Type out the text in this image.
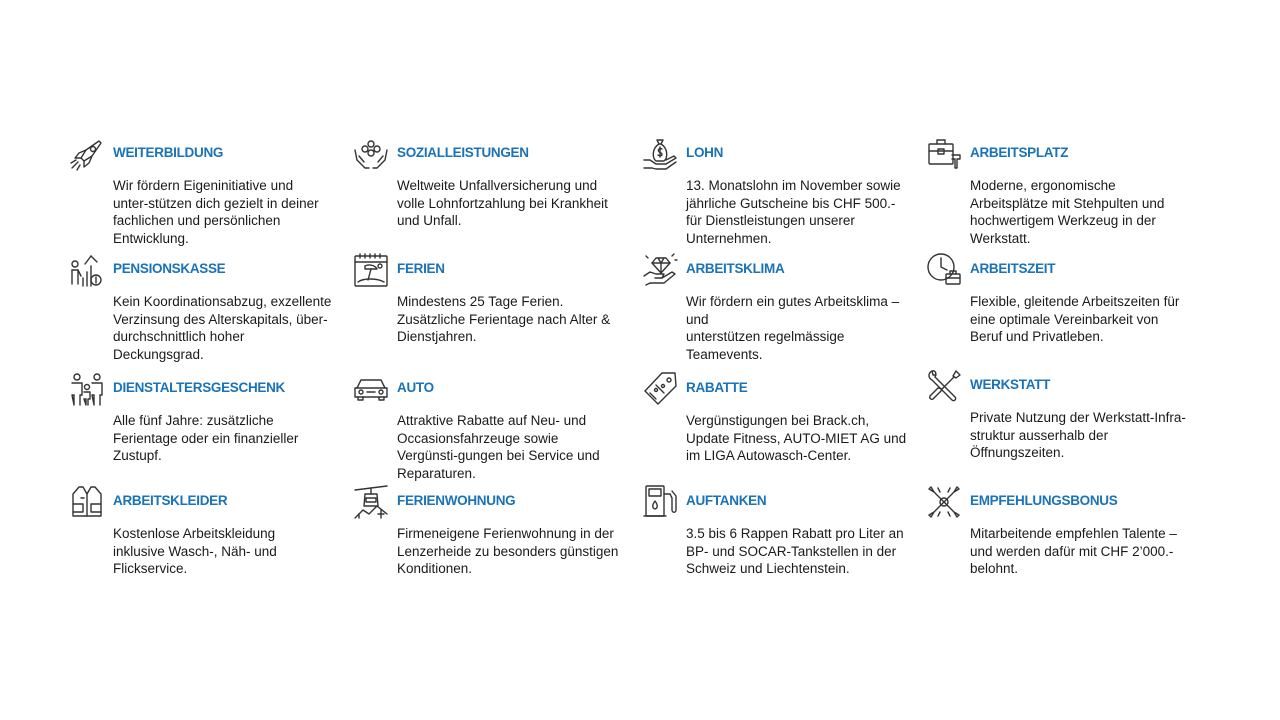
WEITERBILDUNG
Wir fördern Eigeninitiative und
unter-stützen dich gezielt in deiner
fachlichen und persönlichen
Entwicklung.
SOZIALLEISTUNGEN
Weltweite Unfallversicherung und
volle Lohnfortzahlung bei Krankheit
und Unfall.
LOHN
13. Monatslohn im November sowie
jährliche Gutscheine bis CHF 500.-
für Dienstleistungen unserer
Unternehmen.
ARBEITSPLATZ
Moderne, ergonomische
Arbeitsplätze mit Stehpulten und
hochwertigem Werkzeug in der
Werkstatt.
PENSIONSKASSE
Kein Koordinationsabzug, exzellente
Verzinsung des Alterskapitals, über-
durchschnittlich hoher
Deckungsgrad.
FERIEN
Mindestens 25 Tage Ferien.
Zusätzliche Ferientage nach Alter &
Dienstjahren.
ARBEITSKLIMA
Wir fördern ein gutes Arbeitsklima –
und
unterstützen regelmässige
Teamevents.
ARBEITSZEIT
Flexible, gleitende Arbeitszeiten für
eine optimale Vereinbarkeit von
Beruf und Privatleben.
DIENSTALTERSGESCHENK
Alle fünf Jahre: zusätzliche
Ferientage oder ein finanzieller
Zustupf.
AUTO
Attraktive Rabatte auf Neu- und
Occasionsfahrzeuge sowie
Vergünsti-gungen bei Service und
Reparaturen.
RABATTE
Vergünstigungen bei Brack.ch,
Update Fitness, AUTO-MIET AG und
im LIGA Autowasch-Center.
WERKSTATT
Private Nutzung der Werkstatt-Infra-
struktur ausserhalb der
Öffnungszeiten.
ARBEITSKLEIDER
Kostenlose Arbeitskleidung
inklusive Wasch-, Näh- und
Flickservice.
FERIENWOHNUNG
Firmeneigene Ferienwohnung in der
Lenzerheide zu besonders günstigen
Konditionen.
AUFTANKEN
3.5 bis 6 Rappen Rabatt pro Liter an
BP- und SOCAR-Tankstellen in der
Schweiz und Liechtenstein.
EMPFEHLUNGSBONUS
Mitarbeitende empfehlen Talente –
und werden dafür mit CHF 2’000.-
belohnt.
